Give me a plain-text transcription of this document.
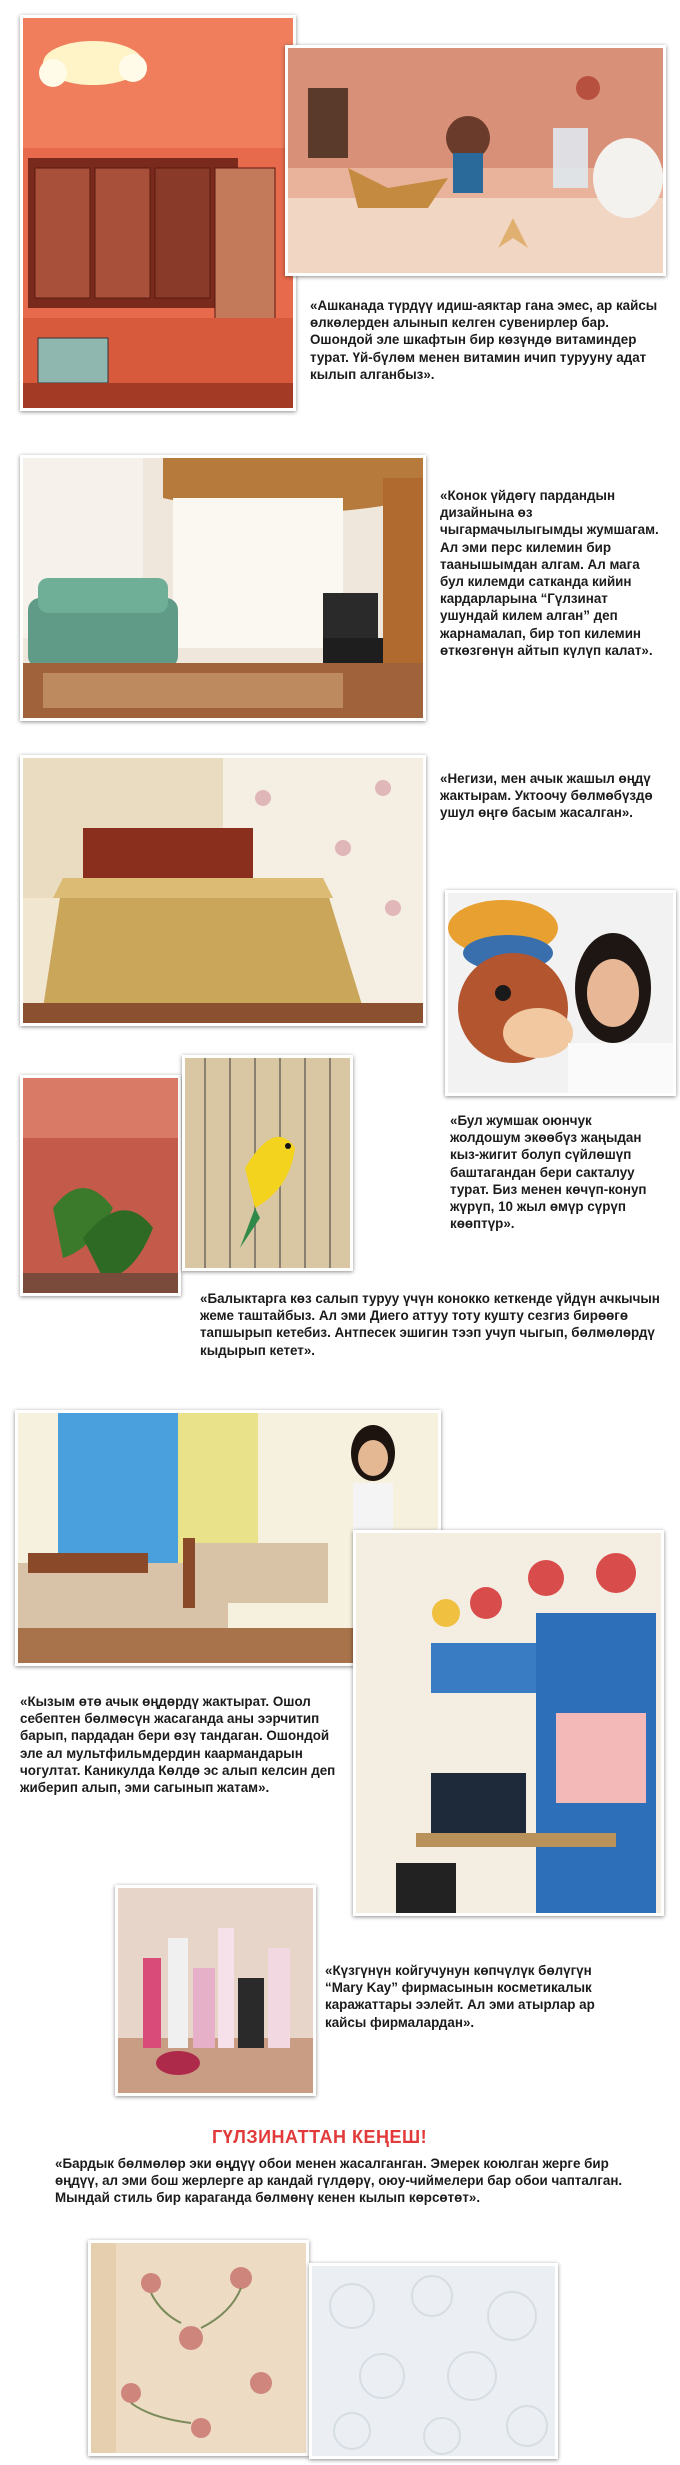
«Ашканада түрдүү идиш-аяктар гана эмес, ар кайсы өлкөлерден алынып келген сувенирлер бар. Ошондой эле шкафтын бир көзүндө витаминдер турат. Үй-бүлөм менен витамин ичип турууну адат кылып алганбыз».
«Конок үйдөгү пардандын дизайнына өз чыгармачылыгымды жумшагам. Ал эми перс килемин бир таанышымдан алгам. Ал мага бул килемди сатканда кийин кардарларына “Гүлзинат ушундай килем алган” деп жарнамалап, бир топ килемин өткөзгөнүн айтып күлүп калат».
«Негизи, мен ачык жашыл өңдү жактырам. Уктоочу бөлмөбүздө ушул өңгө басым жасалган».
«Бул жумшак оюнчук жолдошум экөөбүз жаңыдан кыз-жигит болуп сүйлөшүп баштагандан бери сакталуу турат. Биз менен көчүп-конуп жүрүп, 10 жыл өмүр сүрүп көөптүр».
«Балыктарга көз салып туруу үчүн коноккo кеткенде үйдүн ачкычын жеме таштайбыз. Ал эми Диего аттуу тоту кушту сезгиз бирөөгө тапшырып кетебиз. Антпесек эшигин тээп учуп чыгып, бөлмөлөрдү кыдырып кетет».
«Кызым өтө ачык өңдөрдү жактырат. Ошол себептен бөлмөсүн жасаганда аны ээрчитип барып, пардадан бери өзү тандаган. Ошондой эле ал мультфильмдердин каармандарын чогултат. Каникулда Көлдө эс алып келсин деп жиберип алып, эми сагынып жатам».
«Күзгүнүн койгучунун көпчүлүк бөлүгүн “Mary Kay” фирмасынын косметикалык каражаттары ээлейт. Ал эми атырлар ар кайсы фирмалардан».
ГҮЛЗИНАТТАН КЕҢЕШ!
«Бардык бөлмөлөр эки өңдүү обои менен жасалганган. Эмерек коюлган жерге бир өңдүү, ал эми бош жерлерге ар кандай гүлдөрү, оюу-чиймелери бар обои чапталган. Мындай стиль бир караганда бөлмөнү кенен кылып көрсөтөт».
